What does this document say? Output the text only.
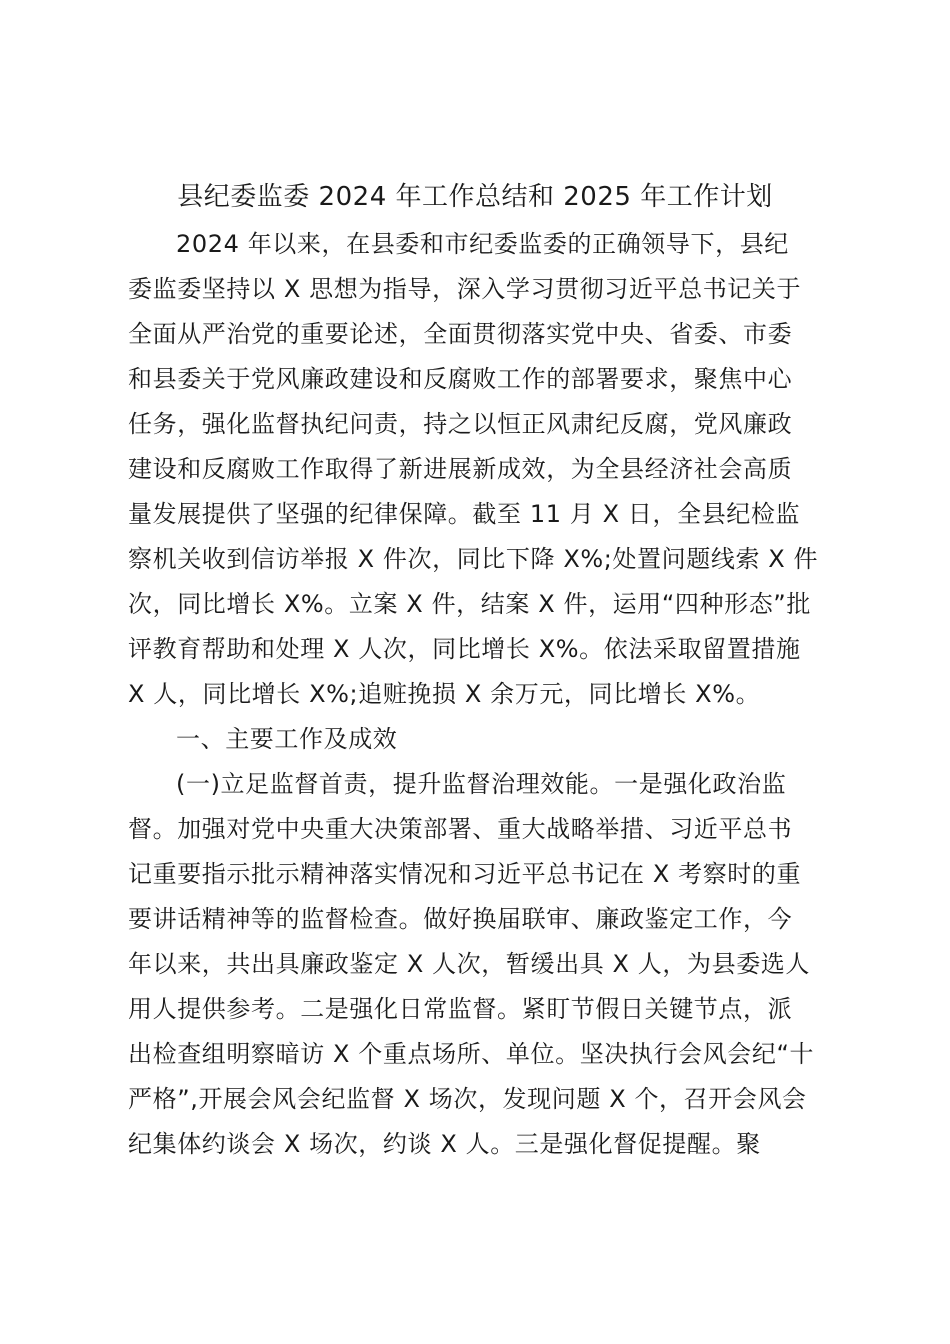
县纪委监委 2024 年工作总结和 2025 年工作计划
2024 年以来，在县委和市纪委监委的正确领导下，县纪
委监委坚持以 X 思想为指导，深入学习贯彻习近平总书记关于
全面从严治党的重要论述，全面贯彻落实党中央、省委、市委
和县委关于党风廉政建设和反腐败工作的部署要求，聚焦中心
任务，强化监督执纪问责，持之以恒正风肃纪反腐，党风廉政
建设和反腐败工作取得了新进展新成效，为全县经济社会高质
量发展提供了坚强的纪律保障。截至 11 月 X 日，全县纪检监
察机关收到信访举报 X 件次，同比下降 X%;处置问题线索 X 件
次，同比增长 X%。立案 X 件，结案 X 件，运用“四种形态”批
评教育帮助和处理 X 人次，同比增长 X%。依法采取留置措施
X 人，同比增长 X%;追赃挽损 X 余万元，同比增长 X%。
一、主要工作及成效
(一)立足监督首责，提升监督治理效能。一是强化政治监
督。加强对党中央重大决策部署、重大战略举措、习近平总书
记重要指示批示精神落实情况和习近平总书记在 X 考察时的重
要讲话精神等的监督检查。做好换届联审、廉政鉴定工作，今
年以来，共出具廉政鉴定 X 人次，暂缓出具 X 人，为县委选人
用人提供参考。二是强化日常监督。紧盯节假日关键节点，派
出检查组明察暗访 X 个重点场所、单位。坚决执行会风会纪“十
严格”,开展会风会纪监督 X 场次，发现问题 X 个，召开会风会
纪集体约谈会 X 场次，约谈 X 人。三是强化督促提醒。聚
